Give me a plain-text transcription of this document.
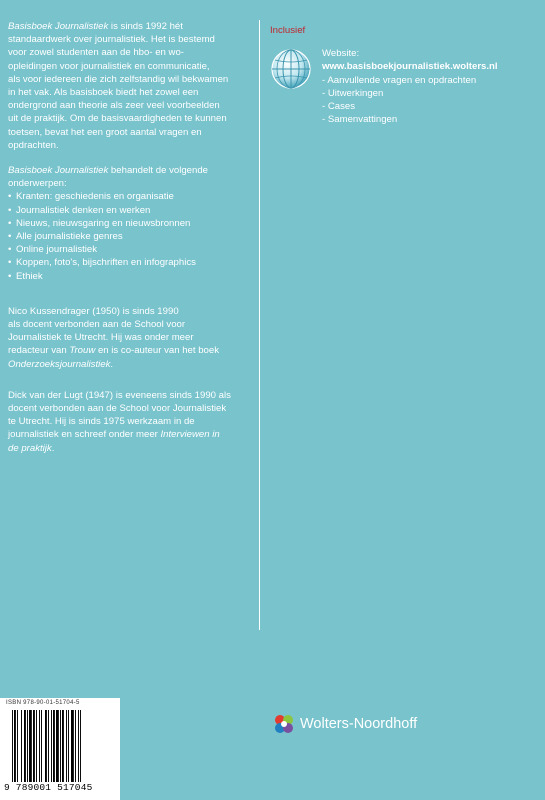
Basisboek Journalistiek is sinds 1992 hét

standaardwerk over journalistiek. Het is bestemd

voor zowel studenten aan de hbo- en wo-

opleidingen voor journalistiek en communicatie,

als voor iedereen die zich zelfstandig wil bekwamen

in het vak. Als basisboek biedt het zowel een

ondergrond aan theorie als zeer veel voorbeelden

uit de praktijk. Om de basisvaardigheden te kunnen

toetsen, bevat het een groot aantal vragen en

opdrachten.

Basisboek Journalistiek behandelt de volgende

onderwerpen:

• Kranten: geschiedenis en organisatie
• Journalistiek denken en werken
• Nieuws, nieuwsgaring en nieuwsbronnen
• Alle journalistieke genres
• Online journalistiek
• Koppen, foto's, bijschriften en infographics
• Ethiek

Nico Kussendrager (1950) is sinds 1990

als docent verbonden aan de School voor

Journalistiek te Utrecht. Hij was onder meer

redacteur van Trouw en is co-auteur van het boek

Onderzoeksjournalistiek.

Dick van der Lugt (1947) is eveneens sinds 1990 als

docent verbonden aan de School voor Journalistiek

te Utrecht. Hij is sinds 1975 werkzaam in de

journalistiek en schreef onder meer Interviewen in

de praktijk.

Inclusief
Website:
www.basisboekjournalistiek.wolters.nl
- Aanvullende vragen en opdrachten
- Uitwerkingen
- Cases
- Samenvattingen
ISBN 978-90-01-51704-5
9 789001 517045
Wolters-Noordhoff
